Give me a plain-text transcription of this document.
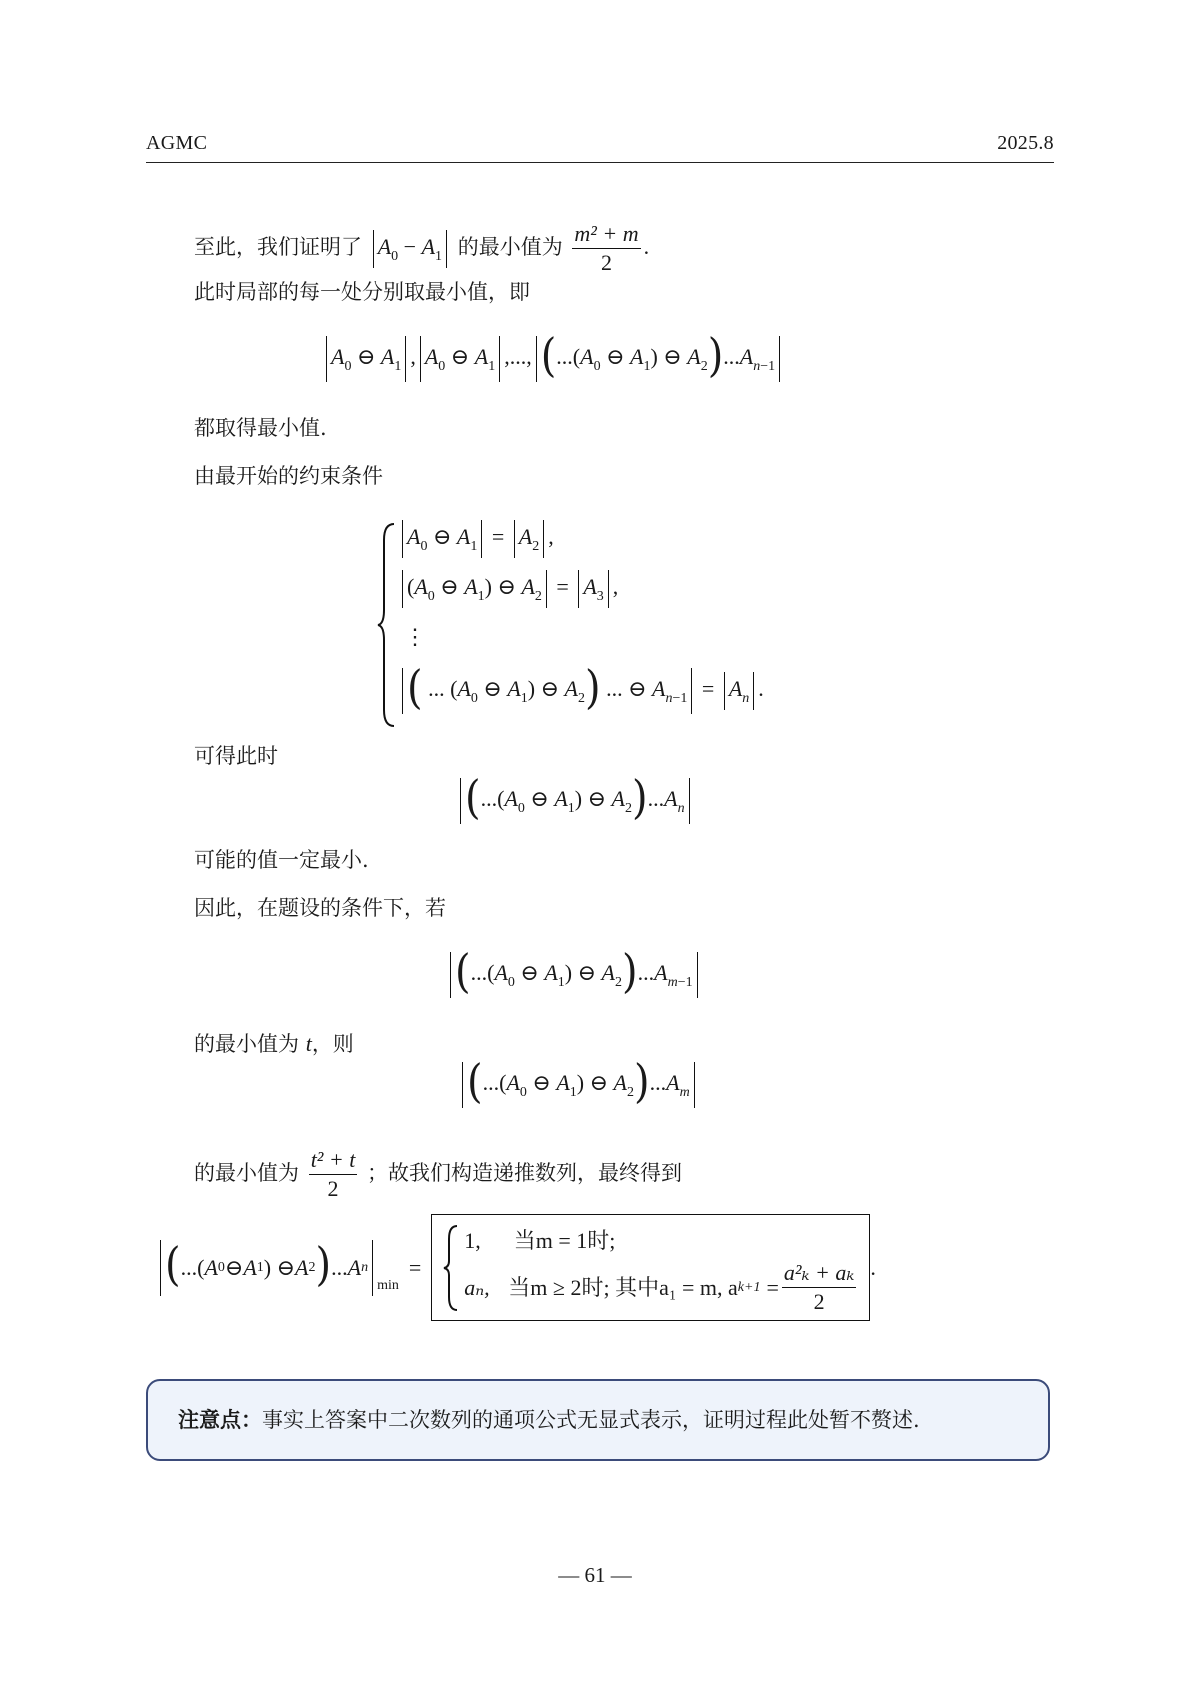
AGMC	2025.8
至此，我们证明了 $A_0 - A_1$ 的最小值为 $\frac{\text{m² + m}}{2}$ .
此时局部的每一处分别取最小值，即
$A_0$ ⊖ $A_1$ , $A_0$ ⊖ $A_1$ ,..., ($...(A_0$ ⊖ $A_1$) ⊖ $A_2)...A_{n-1}$
都取得最小值.
由最开始的约束条件
$A_0$ ⊖ $A_1 = A_2$ ,
($A_0$ ⊖ $A_1$) ⊖ $A_2 = A_3$ ,
⋮
( ... ($A_0$ ⊖ $A_1$) ⊖ $A_2$) ... ⊖ $A_{n-1} = A_n$ .
可得此时
($...(A_0$ ⊖ $A_1$) ⊖ $A_2)...A_n$
可能的值一定最小.
因此，在题设的条件下，若
($...(A_0$ ⊖ $A_1$) ⊖ $A_2)...A_{m-1}$
的最小值为 t，则
($...(A_0$ ⊖ $A_1$) ⊖ $A_2)...A_m$
的最小值为 $\frac{\text{t² + t}}{2}$ ；故我们构造递推数列，最终得到
( ...( A 0 ⊖ A 1 ) ⊖ A 2 ) ... A n
min
=
1, 当m = 1时;
aₙ, 当m ≥ 2时; 其中a₁ = m, a $k+1 = \frac{\text{a²ₖ + aₖ}}{2}$ .
注意点：事实上答案中二次数列的通项公式无显式表示，证明过程此处暂不赘述.
— 61 —
